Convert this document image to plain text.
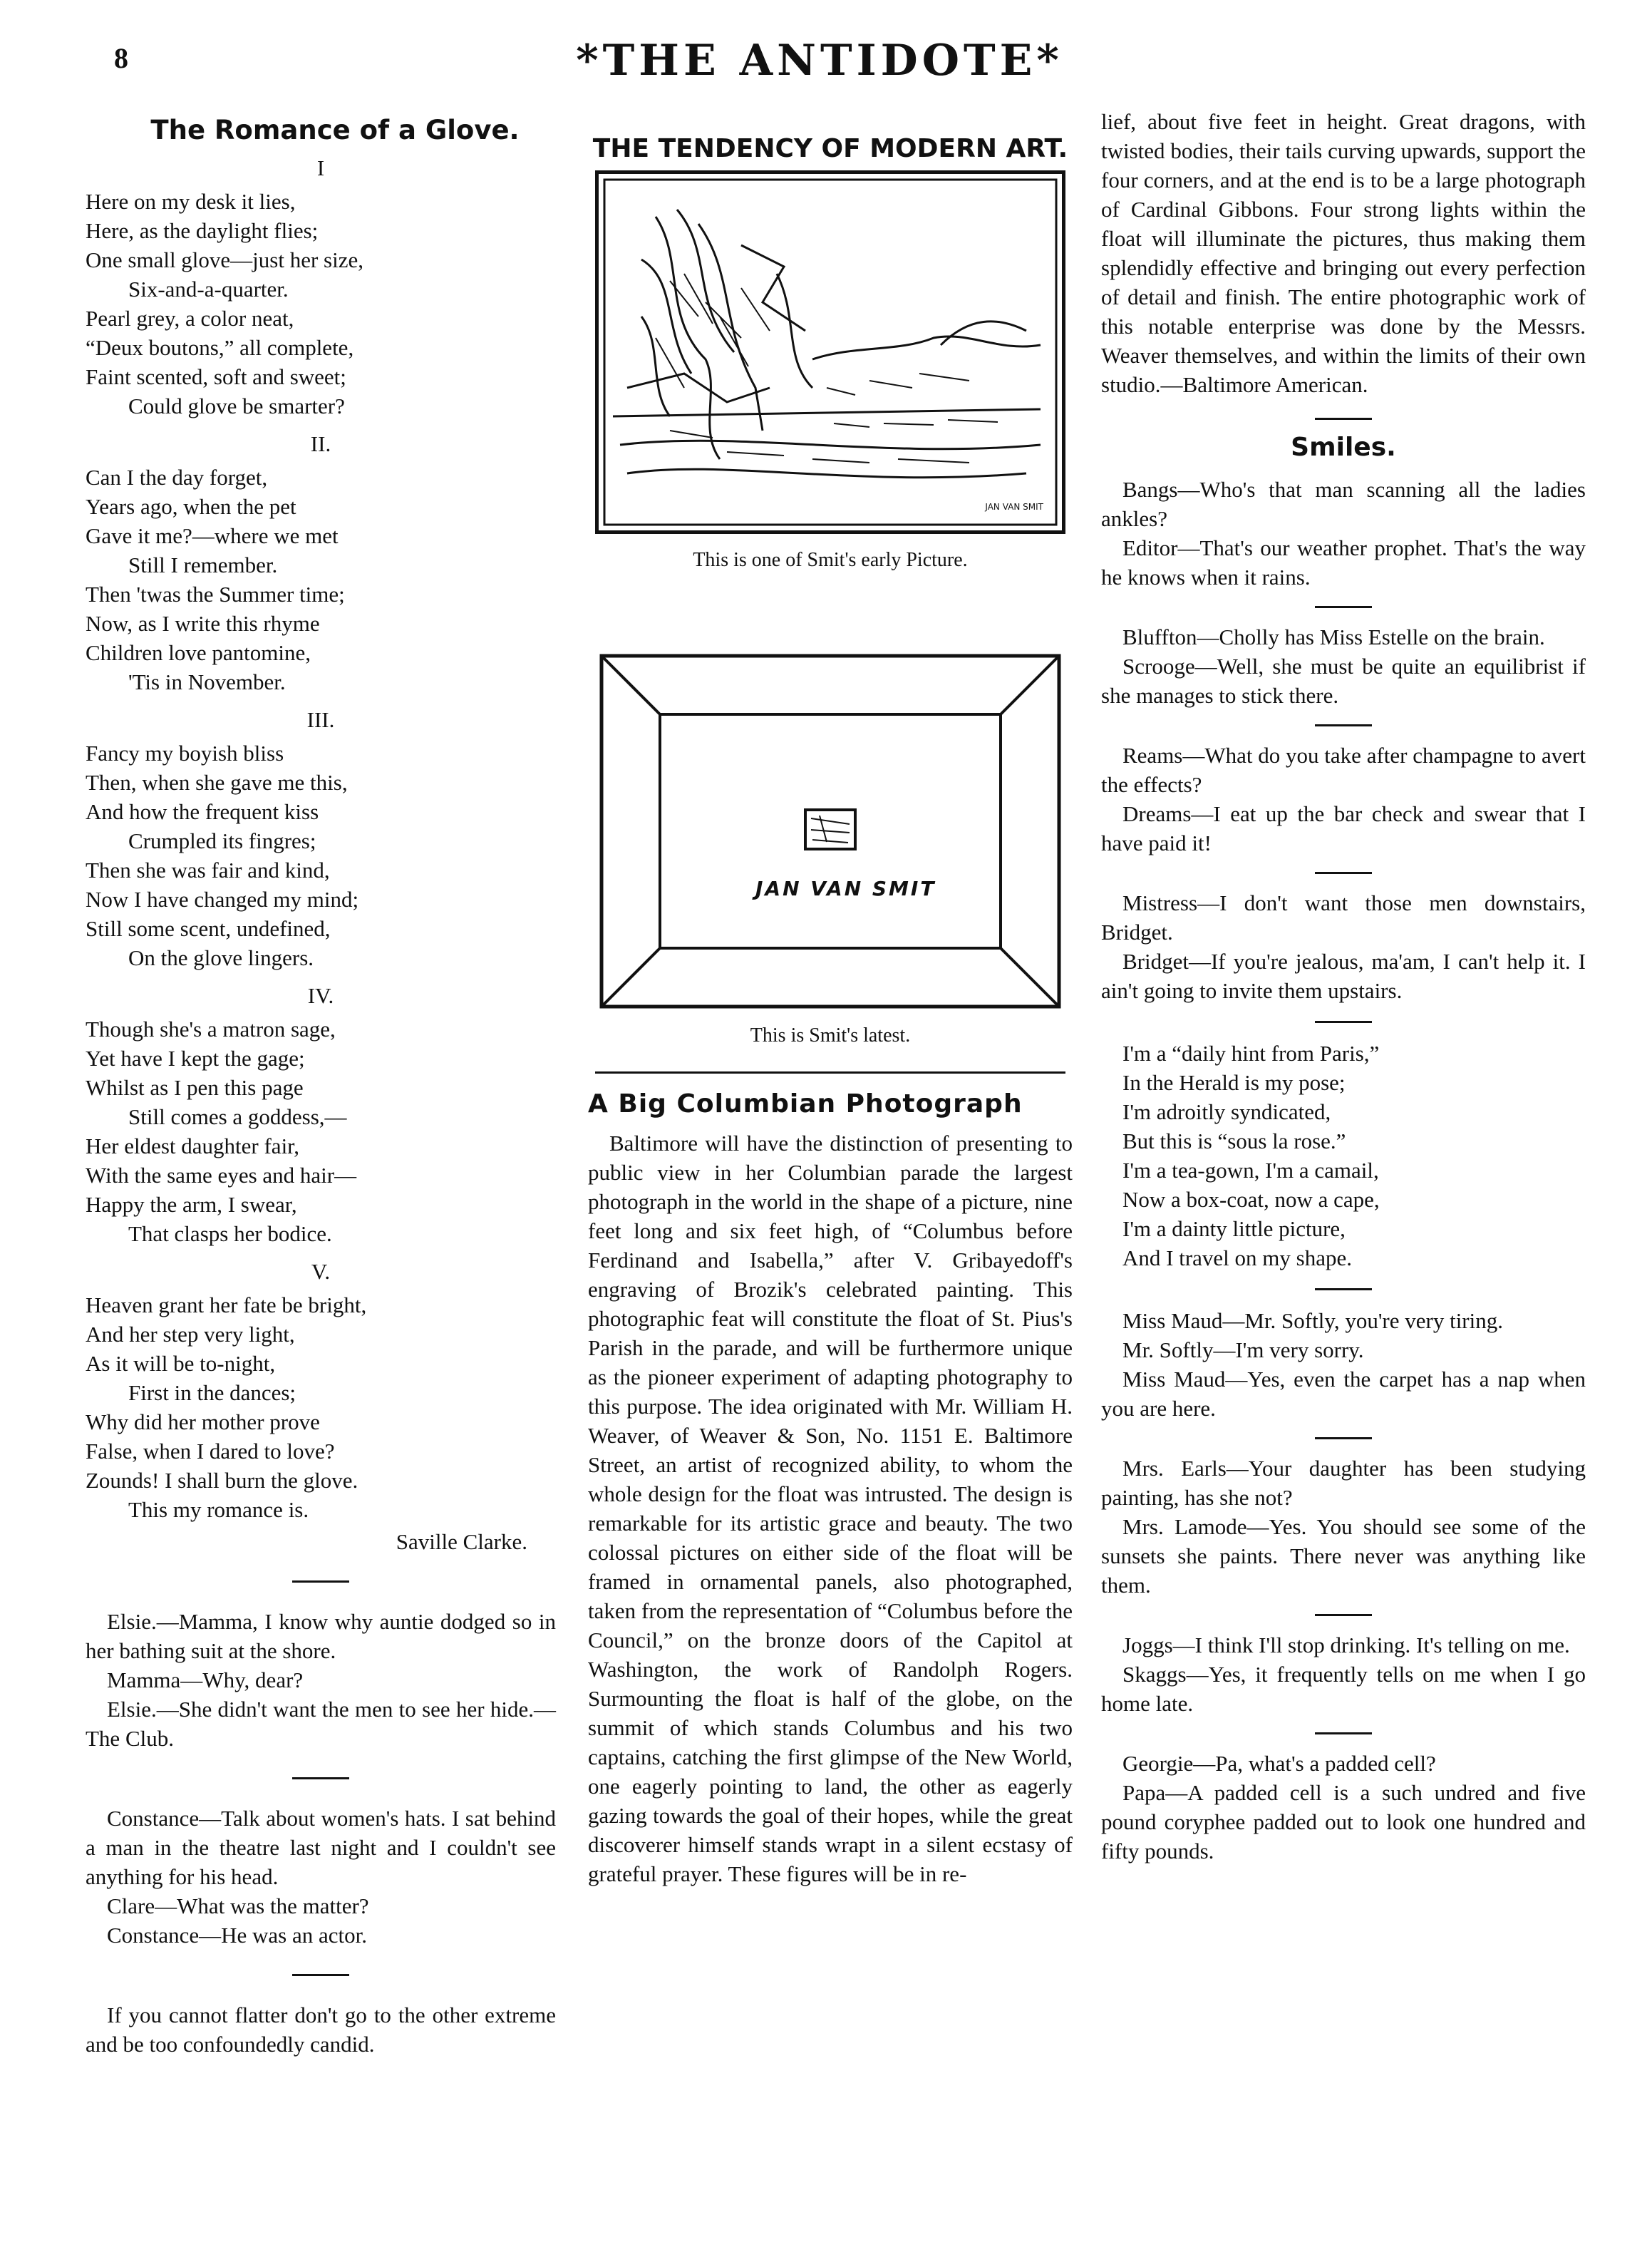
8	*THE ANTIDOTE*
The Romance of a Glove.
I
Here on my desk it lies,
Here, as the daylight flies;
One small glove—just her size,
Six-and-a-quarter.
Pearl grey, a color neat,
“Deux boutons,” all complete,
Faint scented, soft and sweet;
Could glove be smarter?
II.
Can I the day forget,
Years ago, when the pet
Gave it me?—where we met
Still I remember.
Then 'twas the Summer time;
Now, as I write this rhyme
Children love pantomine,
'Tis in November.
III.
Fancy my boyish bliss
Then, when she gave me this,
And how the frequent kiss
Crumpled its fingres;
Then she was fair and kind,
Now I have changed my mind;
Still some scent, undefined,
On the glove lingers.
IV.
Though she's a matron sage,
Yet have I kept the gage;
Whilst as I pen this page
Still comes a goddess,—
Her eldest daughter fair,
With the same eyes and hair—
Happy the arm, I swear,
That clasps her bodice.
V.
Heaven grant her fate be bright,
And her step very light,
As it will be to-night,
First in the dances;
Why did her mother prove
False, when I dared to love?
Zounds! I shall burn the glove.
This my romance is.
Saville Clarke.
Elsie.—Mamma, I know why auntie dodged so in her bathing suit at the shore.
Mamma—Why, dear?
Elsie.—She didn't want the men to see her hide.—The Club.
Constance—Talk about women's hats. I sat behind a man in the theatre last night and I couldn't see anything for his head.
Clare—What was the matter?
Constance—He was an actor.
If you cannot flatter don't go to the other extreme and be too confoundedly candid.
THE TENDENCY OF MODERN ART.
JAN VAN SMIT
This is one of Smit's early Picture.
JAN VAN SMIT
This is Smit's latest.
A Big Columbian Photograph
Baltimore will have the distinction of presenting to public view in her Columbian parade the largest photograph in the world in the shape of a picture, nine feet long and six feet high, of “Columbus before Ferdinand and Isabella,” after V. Gribayedoff's engraving of Brozik's celebrated painting. This photographic feat will constitute the float of St. Pius's Parish in the parade, and will be furthermore unique as the pioneer experiment of adapting photography to this purpose. The idea originated with Mr. William H. Weaver, of Weaver & Son, No. 1151 E. Baltimore Street, an artist of recognized ability, to whom the whole design for the float was intrusted. The design is remarkable for its artistic grace and beauty. The two colossal pictures on either side of the float will be framed in ornamental panels, also photographed, taken from the representation of “Columbus before the Council,” on the bronze doors of the Capitol at Washington, the work of Randolph Rogers. Surmounting the float is half of the globe, on the summit of which stands Columbus and his two captains, catching the first glimpse of the New World, one eagerly pointing to land, the other as eagerly gazing towards the goal of their hopes, while the great discoverer himself stands wrapt in a silent ecstasy of grateful prayer. These figures will be in re-
lief, about five feet in height. Great dragons, with twisted bodies, their tails curving upwards, support the four corners, and at the end is to be a large photograph of Cardinal Gibbons. Four strong lights within the float will illuminate the pictures, thus making them splendidly effective and bringing out every perfection of detail and finish. The entire photographic work of this notable enterprise was done by the Messrs. Weaver themselves, and within the limits of their own studio.—Baltimore American.
Smiles.
Bangs—Who's that man scanning all the ladies ankles?
Editor—That's our weather prophet. That's the way he knows when it rains.
Bluffton—Cholly has Miss Estelle on the brain.
Scrooge—Well, she must be quite an equilibrist if she manages to stick there.
Reams—What do you take after champagne to avert the effects?
Dreams—I eat up the bar check and swear that I have paid it!
Mistress—I don't want those men downstairs, Bridget.
Bridget—If you're jealous, ma'am, I can't help it. I ain't going to invite them upstairs.
I'm a “daily hint from Paris,”
In the Herald is my pose;
I'm adroitly syndicated,
But this is “sous la rose.”
I'm a tea-gown, I'm a camail,
Now a box-coat, now a cape,
I'm a dainty little picture,
And I travel on my shape.
Miss Maud—Mr. Softly, you're very tiring.
Mr. Softly—I'm very sorry.
Miss Maud—Yes, even the carpet has a nap when you are here.
Mrs. Earls—Your daughter has been studying painting, has she not?
Mrs. Lamode—Yes. You should see some of the sunsets she paints. There never was anything like them.
Joggs—I think I'll stop drinking. It's telling on me.
Skaggs—Yes, it frequently tells on me when I go home late.
Georgie—Pa, what's a padded cell?
Papa—A padded cell is a such undred and five pound coryphee padded out to look one hundred and fifty pounds.
